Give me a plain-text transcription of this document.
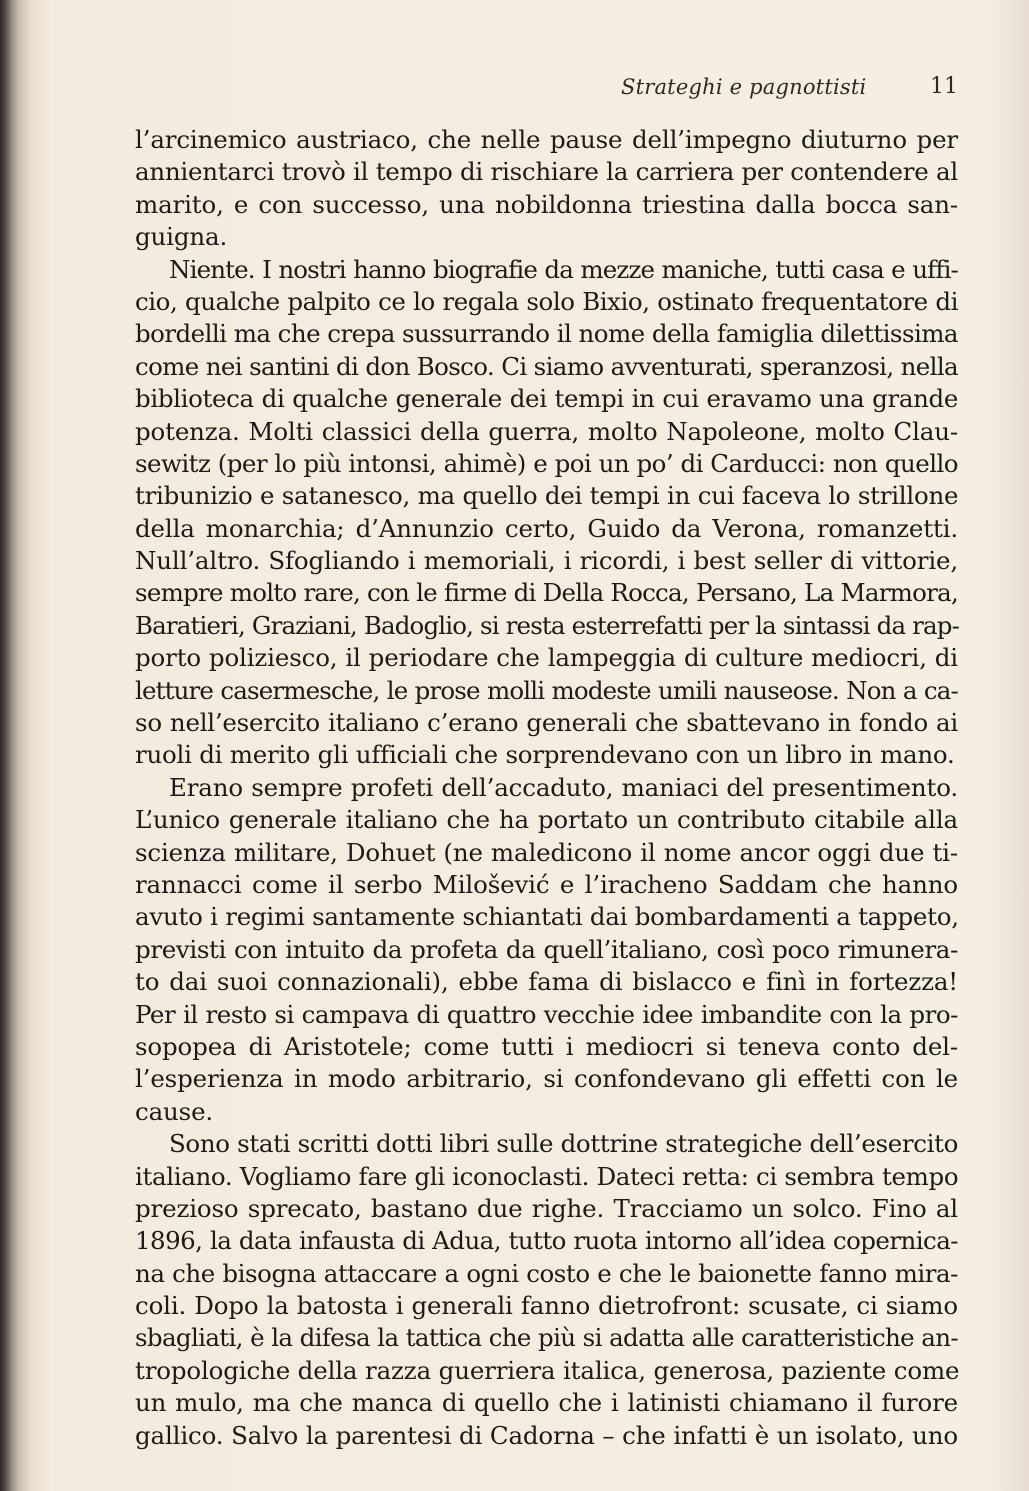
Strateghi e pagnottisti	11
l’arcinemico austriaco, che nelle pause dell’impegno diuturno per
annientarci trovò il tempo di rischiare la carriera per contendere al
marito, e con successo, una nobildonna triestina dalla bocca san-
guigna.
Niente. I nostri hanno biografie da mezze maniche, tutti casa e uffi-
cio, qualche palpito ce lo regala solo Bixio, ostinato frequentatore di
bordelli ma che crepa sussurrando il nome della famiglia dilettissima
come nei santini di don Bosco. Ci siamo avventurati, speranzosi, nella
biblioteca di qualche generale dei tempi in cui eravamo una grande
potenza. Molti classici della guerra, molto Napoleone, molto Clau-
sewitz (per lo più intonsi, ahimè) e poi un po’ di Carducci: non quello
tribunizio e satanesco, ma quello dei tempi in cui faceva lo strillone
della monarchia; d’Annunzio certo, Guido da Verona, romanzetti.
Null’altro. Sfogliando i memoriali, i ricordi, i best seller di vittorie,
sempre molto rare, con le firme di Della Rocca, Persano, La Marmora,
Baratieri, Graziani, Badoglio, si resta esterrefatti per la sintassi da rap-
porto poliziesco, il periodare che lampeggia di culture mediocri, di
letture casermesche, le prose molli modeste umili nauseose. Non a ca-
so nell’esercito italiano c’erano generali che sbattevano in fondo ai
ruoli di merito gli ufficiali che sorprendevano con un libro in mano.
Erano sempre profeti dell’accaduto, maniaci del presentimento.
L’unico generale italiano che ha portato un contributo citabile alla
scienza militare, Dohuet (ne maledicono il nome ancor oggi due ti-
rannacci come il serbo Milošević e l’iracheno Saddam che hanno
avuto i regimi santamente schiantati dai bombardamenti a tappeto,
previsti con intuito da profeta da quell’italiano, così poco rimunera-
to dai suoi connazionali), ebbe fama di bislacco e finì in fortezza!
Per il resto si campava di quattro vecchie idee imbandite con la pro-
sopopea di Aristotele; come tutti i mediocri si teneva conto del-
l’esperienza in modo arbitrario, si confondevano gli effetti con le
cause.
Sono stati scritti dotti libri sulle dottrine strategiche dell’esercito
italiano. Vogliamo fare gli iconoclasti. Dateci retta: ci sembra tempo
prezioso sprecato, bastano due righe. Tracciamo un solco. Fino al
1896, la data infausta di Adua, tutto ruota intorno all’idea copernica-
na che bisogna attaccare a ogni costo e che le baionette fanno mira-
coli. Dopo la batosta i generali fanno dietrofront: scusate, ci siamo
sbagliati, è la difesa la tattica che più si adatta alle caratteristiche an-
tropologiche della razza guerriera italica, generosa, paziente come
un mulo, ma che manca di quello che i latinisti chiamano il furore
gallico. Salvo la parentesi di Cadorna – che infatti è un isolato, uno
